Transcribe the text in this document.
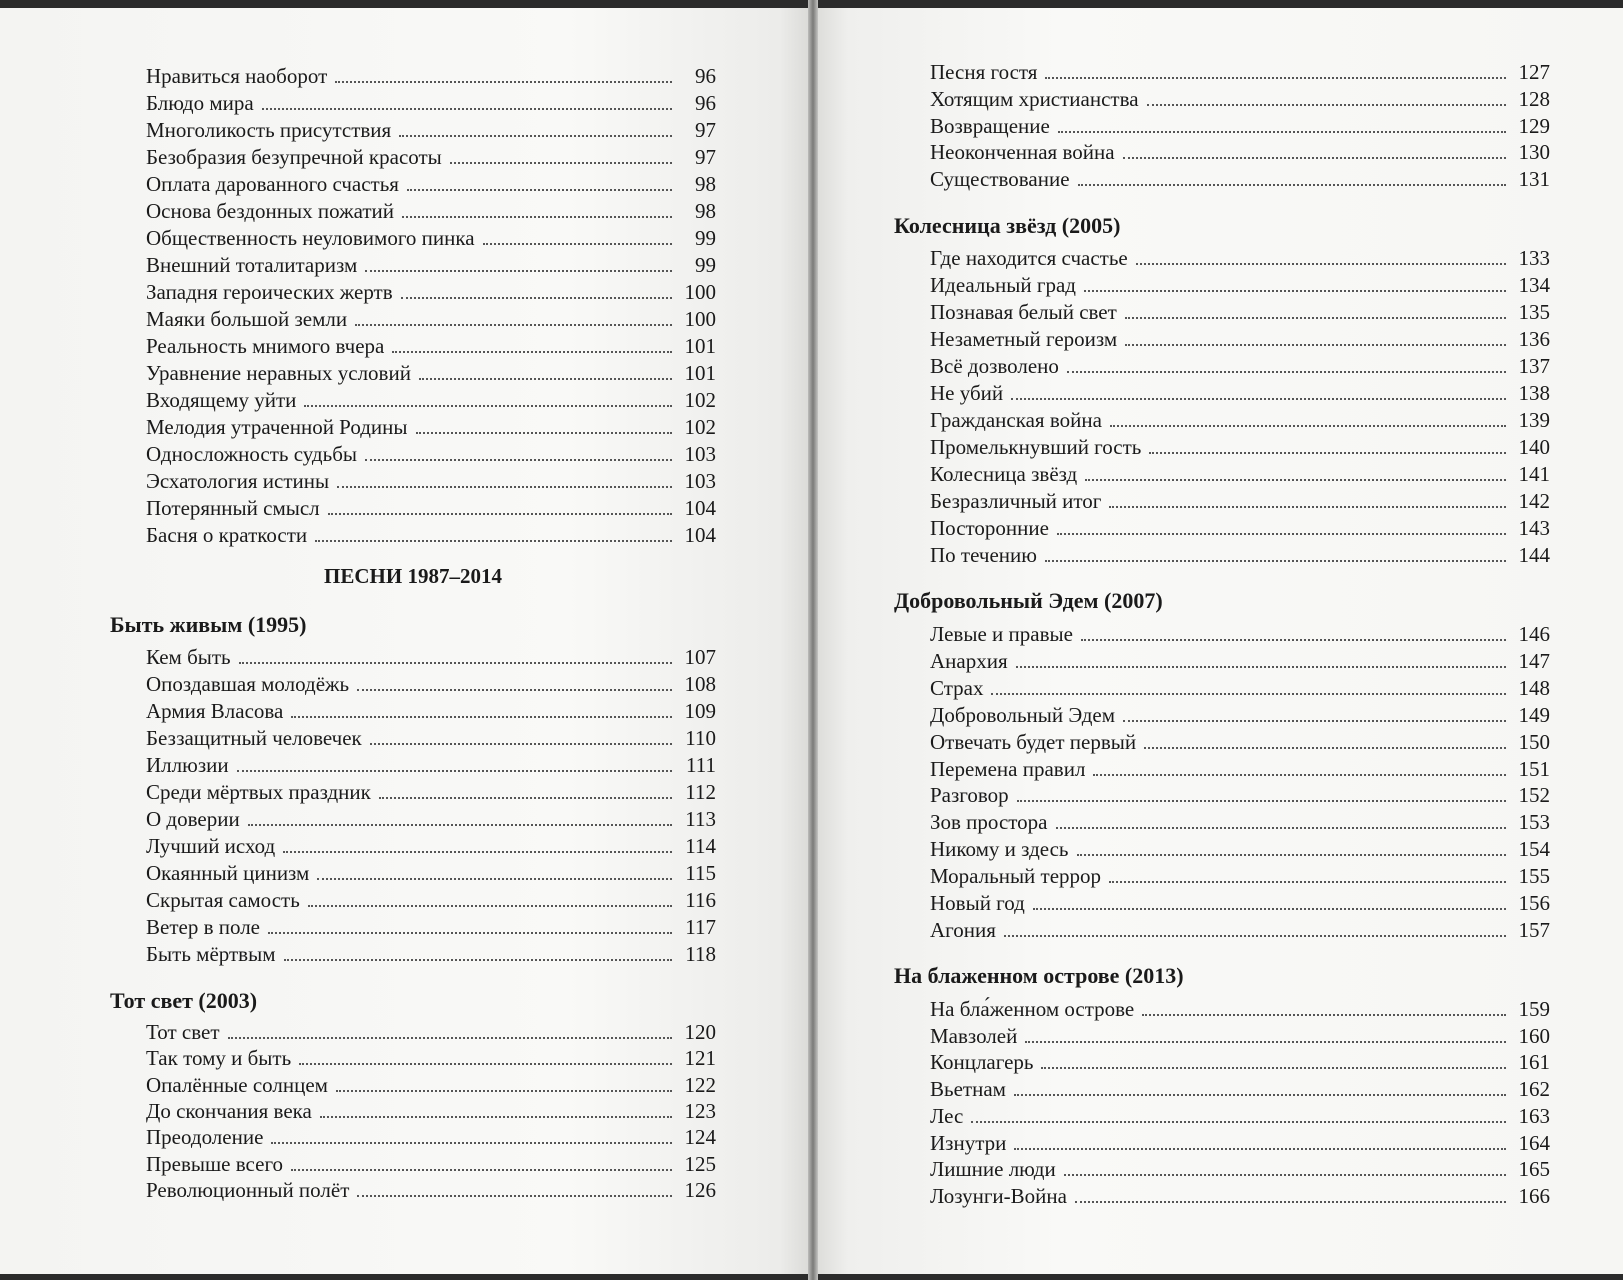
Нравиться наоборот	96
Блюдо мира	96
Многоликость присутствия	97
Безобразия безупречной красоты	97
Оплата дарованного счастья	98
Основа бездонных пожатий	98
Общественность неуловимого пинка	99
Внешний тоталитаризм	99
Западня героических жертв	100
Маяки большой земли	100
Реальность мнимого вчера	101
Уравнение неравных условий	101
Входящему уйти	102
Мелодия утраченной Родины	102
Односложность судьбы	103
Эсхатология истины	103
Потерянный смысл	104
Басня о краткости	104
ПЕСНИ 1987–2014
Быть живым (1995)
Кем быть	107
Опоздавшая молодёжь	108
Армия Власова	109
Беззащитный человечек	110
Иллюзии	111
Среди мёртвых праздник	112
О доверии	113
Лучший исход	114
Окаянный цинизм	115
Скрытая самость	116
Ветер в поле	117
Быть мёртвым	118
Тот свет (2003)
Тот свет	120
Так тому и быть	121
Опалённые солнцем	122
До скончания века	123
Преодоление	124
Превыше всего	125
Революционный полёт	126
Песня гостя	127
Хотящим христианства	128
Возвращение	129
Неоконченная война	130
Существование	131
Колесница звёзд (2005)
Где находится счастье	133
Идеальный град	134
Познавая белый свет	135
Незаметный героизм	136
Всё дозволено	137
Не убий	138
Гражданская война	139
Промелькнувший гость	140
Колесница звёзд	141
Безразличный итог	142
Посторонние	143
По течению	144
Добровольный Эдем (2007)
Левые и правые	146
Анархия	147
Страх	148
Добровольный Эдем	149
Отвечать будет первый	150
Перемена правил	151
Разговор	152
Зов простора	153
Никому и здесь	154
Моральный террор	155
Новый год	156
Агония	157
На блаженном острове (2013)
На бла́женном острове	159
Мавзолей	160
Концлагерь	161
Вьетнам	162
Лес	163
Изнутри	164
Лишние люди	165
Лозунги-Война	166
